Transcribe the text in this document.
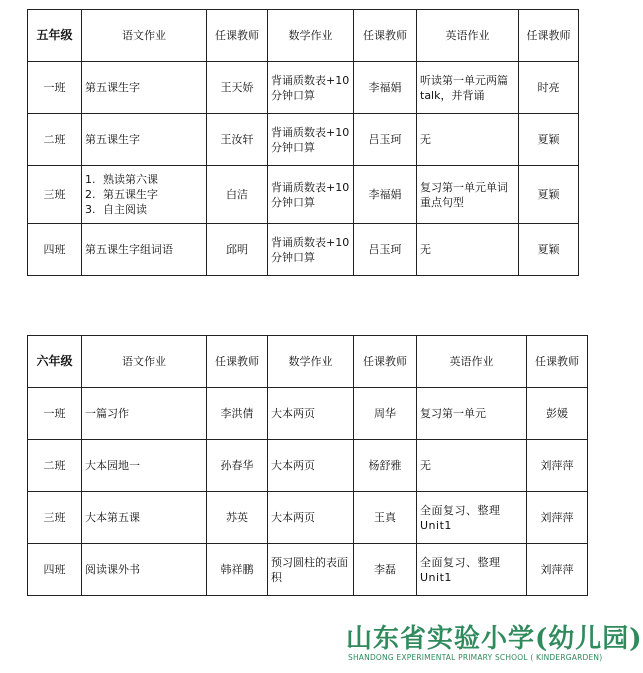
五年级	语文作业	任课教师	数学作业	任课教师	英语作业	任课教师
一班	第五课生字	王天娇	背诵质数表+10分钟口算	李福娟	听读第一单元两篇talk，并背诵	时亮
二班	第五课生字	王汝轩	背诵质数表+10分钟口算	吕玉珂	无	夏颖
三班	1. 熟读第六课
2. 第五课生字
3. 自主阅读	白洁	背诵质数表+10分钟口算	李福娟	复习第一单元单词重点句型	夏颖
四班	第五课生字组词语	邱明	背诵质数表+10分钟口算	吕玉珂	无	夏颖
六年级	语文作业	任课教师	数学作业	任课教师	英语作业	任课教师
一班	一篇习作	李洪倩	大本两页	周华	复习第一单元	彭媛
二班	大本园地一	孙春华	大本两页	杨舒雅	无	刘萍萍
三班	大本第五课	苏英	大本两页	王真	全面复习、整理Unit1	刘萍萍
四班	阅读课外书	韩祥鹏	预习圆柱的表面积	李磊	全面复习、整理Unit1	刘萍萍
山东省实验小学(幼儿园)
SHANDONG EXPERIMENTAL PRIMARY SCHOOL ( KINDERGARDEN)
